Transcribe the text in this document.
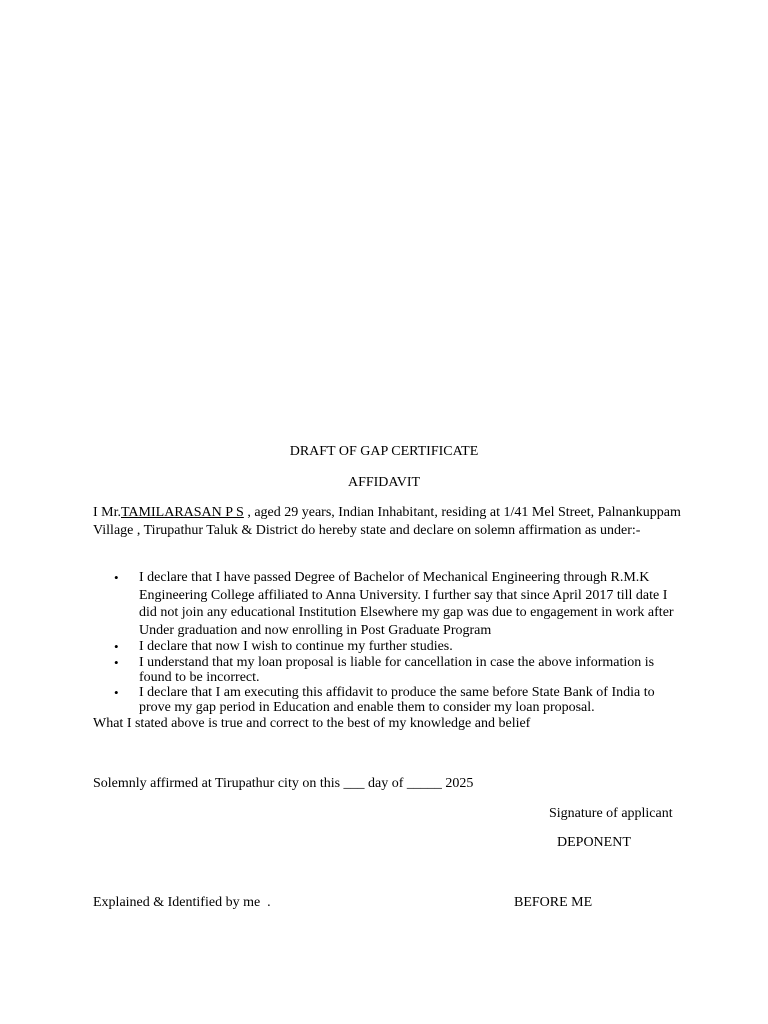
DRAFT OF GAP CERTIFICATE
AFFIDAVIT
I Mr.TAMILARASAN P S , aged 29 years, Indian Inhabitant, residing at 1/41 Mel Street, Palnankuppam Village , Tirupathur Taluk & District do hereby state and declare on solemn affirmation as under:-
• I declare that I have passed Degree of Bachelor of Mechanical Engineering through R.M.K Engineering College affiliated to Anna University. I further say that since April 2017 till date I did not join any educational Institution Elsewhere my gap was due to engagement in work after Under graduation and now enrolling in Post Graduate Program
• I declare that now I wish to continue my further studies.
• I understand that my loan proposal is liable for cancellation in case the above information is found to be incorrect.
• I declare that I am executing this affidavit to produce the same before State Bank of India to prove my gap period in Education and enable them to consider my loan proposal.
What I stated above is true and correct to the best of my knowledge and belief
Solemnly affirmed at Tirupathur city on this ___ day of _____ 2025
Signature of applicant
DEPONENT
Explained & Identified by me  .	BEFORE ME
